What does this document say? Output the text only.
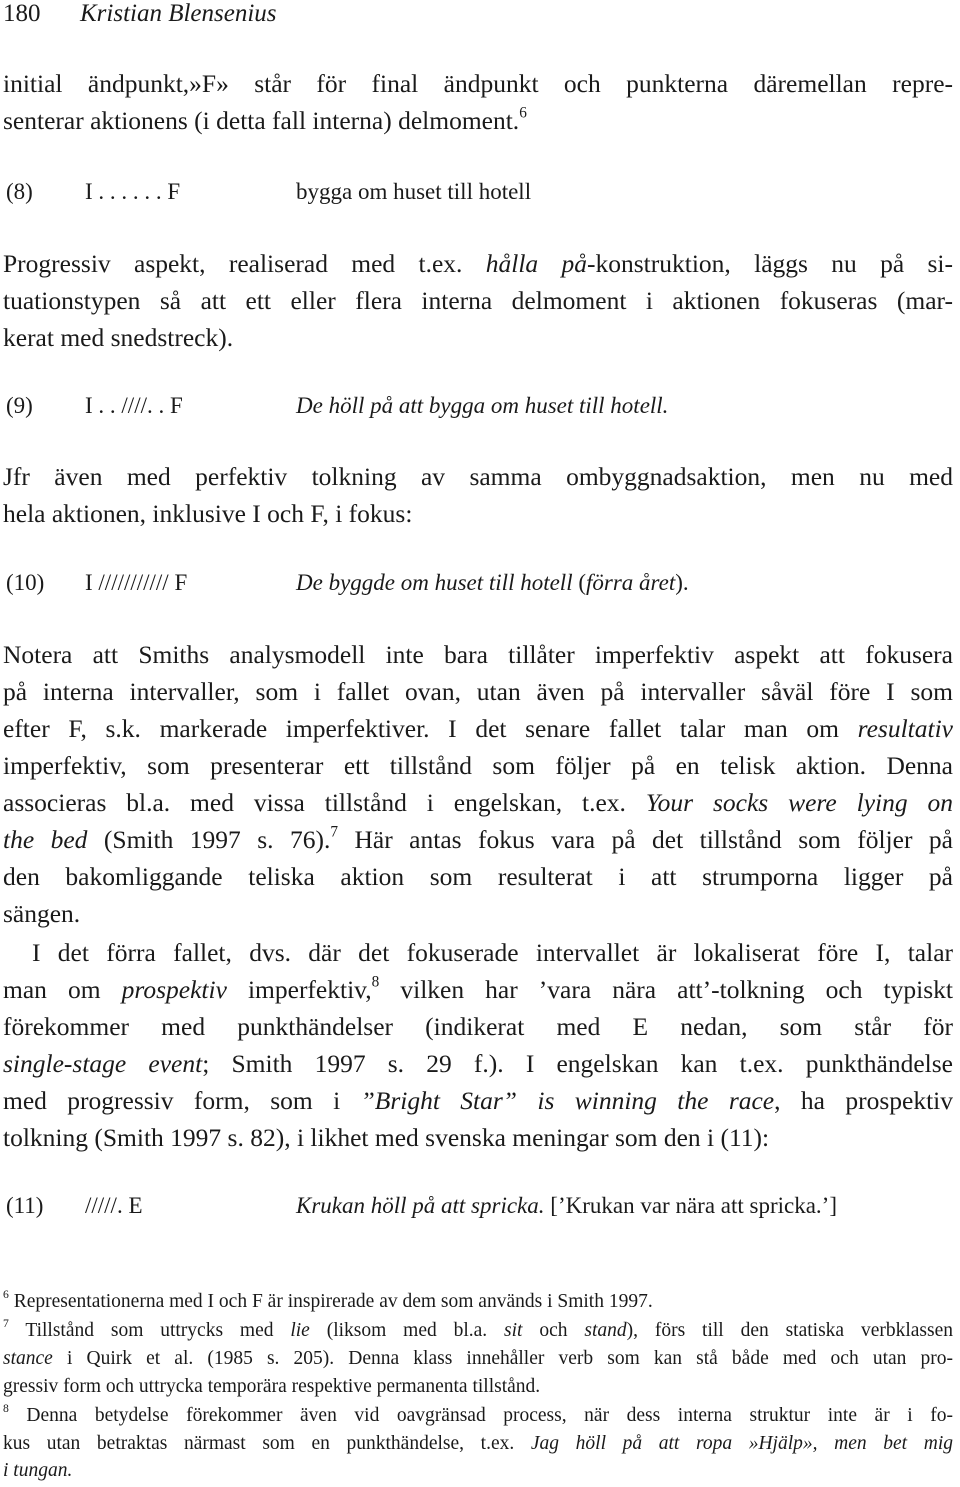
180 Kristian Blensenius
initial ändpunkt,»F» står för final ändpunkt och punkterna däremellan repre-
senterar aktionens (i detta fall interna) delmoment.$^6$
(8) I . . . . . . F	bygga om huset till hotell
Progressiv aspekt, realiserad med t.ex. hålla på-konstruktion, läggs nu på si-
tuationstypen så att ett eller flera interna delmoment i aktionen fokuseras (mar-
kerat med snedstreck).
(9) I . . ////. . F	De höll på att bygga om huset till hotell.
Jfr även med perfektiv tolkning av samma ombyggnadsaktion, men nu med
hela aktionen, inklusive I och F, i fokus:
(10) I /////////// F	De byggde om huset till hotell (förra året).
Notera att Smiths analysmodell inte bara tillåter imperfektiv aspekt att fokusera
på interna intervaller, som i fallet ovan, utan även på intervaller såväl före I som
efter F, s.k. markerade imperfektiver. I det senare fallet talar man om resultativ
imperfektiv, som presenterar ett tillstånd som följer på en telisk aktion. Denna
associeras bl.a. med vissa tillstånd i engelskan, t.ex. Your socks were lying on
the bed (Smith 1997 s. 76).$^7$ Här antas fokus vara på det tillstånd som följer på
den bakomliggande teliska aktion som resulterat i att strumporna ligger på
sängen.
I det förra fallet, dvs. där det fokuserade intervallet är lokaliserat före I, talar
man om prospektiv imperfektiv,$^8$ vilken har ’vara nära att’-tolkning och typiskt
förekommer med punkthändelser (indikerat med E nedan, som står för
single-stage event; Smith 1997 s. 29 f.). I engelskan kan t.ex. punkthändelse
med progressiv form, som i ”Bright Star” is winning the race, ha prospektiv
tolkning (Smith 1997 s. 82), i likhet med svenska meningar som den i (11):
(11) /////. E	Krukan höll på att spricka. [’Krukan var nära att spricka.’]
$^6$ Representationerna med I och F är inspirerade av dem som används i Smith 1997.
$^7$ Tillstånd som uttrycks med lie (liksom med bl.a. sit och stand), förs till den statiska verbklassen
stance i Quirk et al. (1985 s. 205). Denna klass innehåller verb som kan stå både med och utan pro-
gressiv form och uttrycka temporära respektive permanenta tillstånd.
$^8$ Denna betydelse förekommer även vid oavgränsad process, när dess interna struktur inte är i fo-
kus utan betraktas närmast som en punkthändelse, t.ex. Jag höll på att ropa »Hjälp», men bet mig
i tungan.
